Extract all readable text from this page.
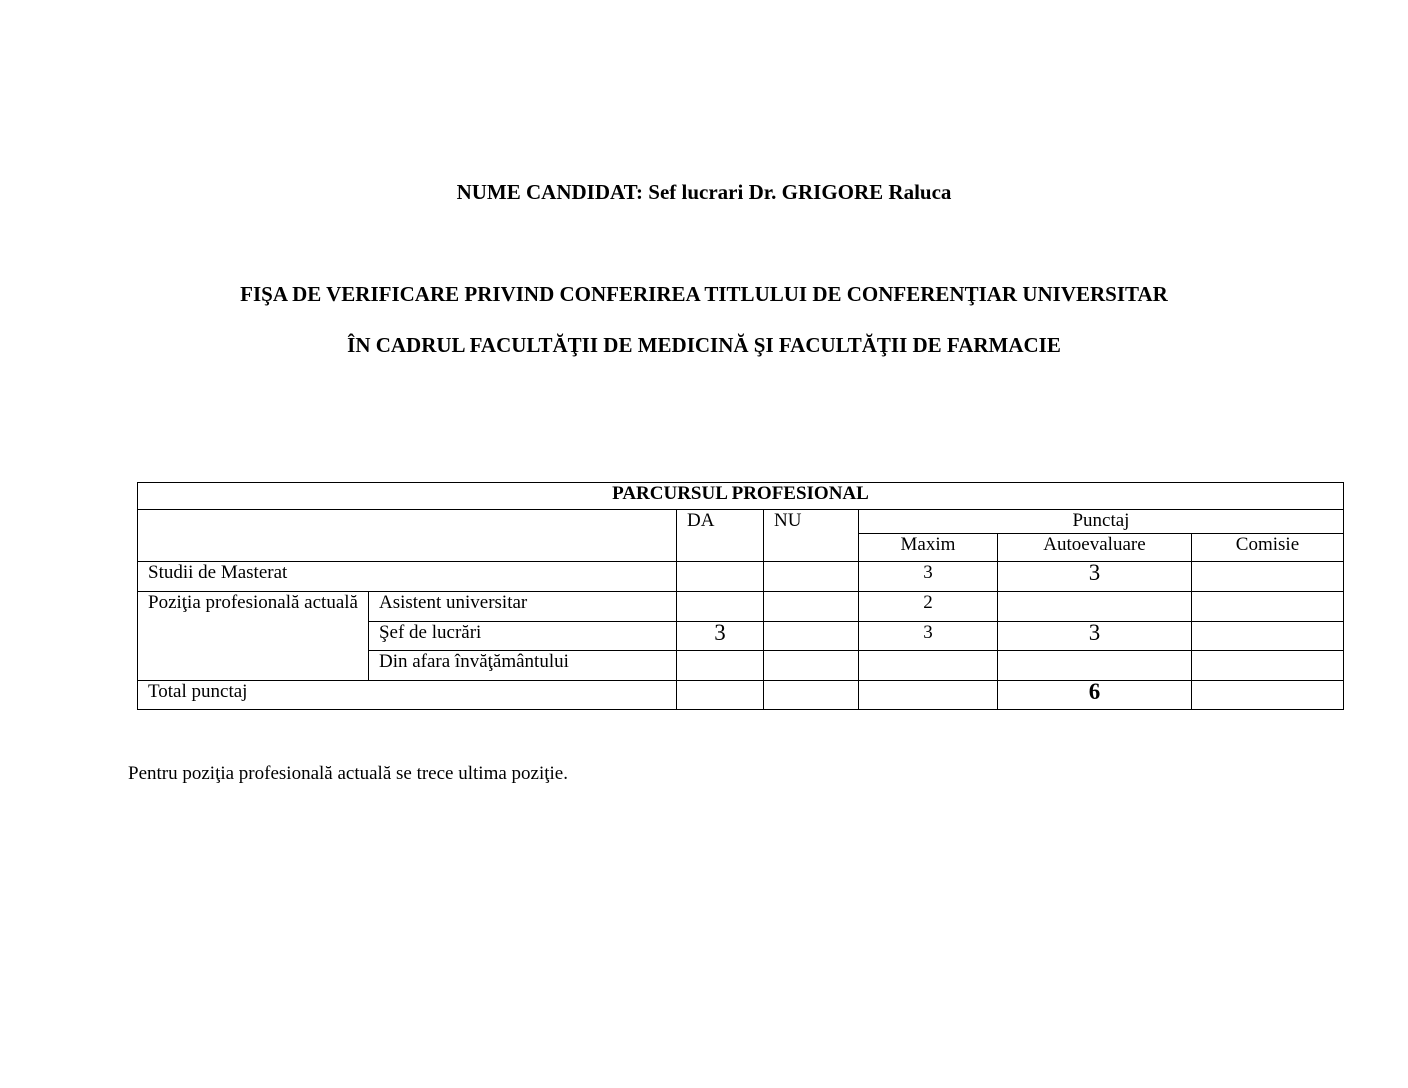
NUME CANDIDAT: Sef lucrari Dr. GRIGORE Raluca
FIŞA DE VERIFICARE PRIVIND CONFERIREA TITLULUI DE CONFERENŢIAR UNIVERSITAR
ÎN CADRUL FACULTĂŢII DE MEDICINĂ ŞI FACULTĂŢII DE FARMACIE
PARCURSUL PROFESIONAL						
		DA	NU	Punctaj		
				Maxim	Autoevaluare	Comisie
Studii de Masterat				3	3	
Poziţia profesională actuală	Asistent universitar			2		
	Şef de lucrări	3		3	3	
	Din afara învăţământului					
Total punctaj					6	
Pentru poziţia profesională actuală se trece ultima poziţie.
